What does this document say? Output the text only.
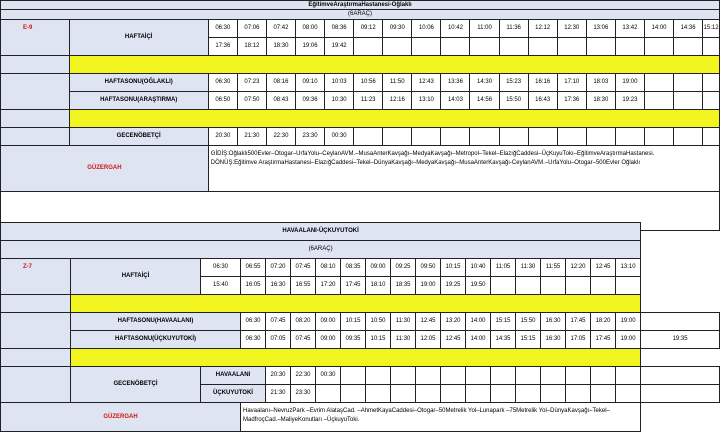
EğitimveAraştırmaHastanesi-Oğlaklı																			
(6ARAÇ)																			
E-9	HAFTAİÇİ	06:30	07:06	07:42	08:00	08:36	09:12	09:30	10:06	10:42	11:00	11:36	12:12	12:30	13:06	13:42	14:00	14:36	15:12
		17:36	18:12	18:30	19:06	19:42													

	HAFTASONU(OĞLAKLI)	06:30	07:23	08:16	09:10	10:03	10:56	11:50	12:43	13:36	14:30	15:23	16:16	17:10	18:03	19:00			
	HAFTASONU(ARAŞTIRMA)	06:50	07:50	08:43	09:36	10:30	11:23	12:16	13:10	14:03	14:56	15:50	16:43	17:36	18:30	19:23			

	GECENÖBETÇİ	20:30	21:30	22:30	23:30	00:30													
GÜZERGAH		GİDİŞ:Oğlaklı500Evler–Otogar–UrfaYolu–CeylanAVM.–MusaAnterKavşağı–MedyaKavşağı–Metropol–Tekel–ElazığCaddesi–ÜçKuyuTokı–EğitimveAraştırmaHastanesi.
DÖNÜŞ:Eğitimve AraştırmaHastanesi–ElazığCaddesi–Tekel–DünyaKavşağı–MedyaKavşağı–MusaAnterKavşağı-CeylanAVM.–UrfaYolu–Otogar–500Evler Oğlaklı																	

HAVAALANI-ÜÇKUYUTOKİ																			
(6ARAÇ)																			
Z-7	HAFTAİÇİ	06:30	06:55	07:20	07:45	08:10	08:35	09:00	09:25	09:50	10:15	10:40	11:05	11:30	11:55	12:20	12:45	13:10	
		15:40	16:05	16:30	16:55	17:20	17:45	18:10	18:35	19:00	19:25	19:50							

	HAFTASONU(HAVAALANI)		06:30	07:45	08:20	09:00	10:15	10:50	11:30	12:45	13:20	14:00	15:15	15:50	16:30	17:45	18:20	19:00	
	HAFTASONU(ÜÇKUYUTOKİ)		06:30	07:05	07:45	09:00	09:35	10:15	11:30	12:05	12:45	14:00	14:35	15:15	16:30	17:05	17:45	19:00	19:35

	GECENÖBETÇİ	HAVAALANI		20:30	22:30	00:30													
		ÜÇKUYUTOKİ		21:30	23:30														
GÜZERGAH			Havaalanı–NevruzPark –Evrim AlataşCad. –AhmetKayaCaddesi–Otogar–50Metrelik Yol–Lunapark –75Metrelik Yol–DünyaKavşağı–Tekel–MadfroçCad.–MaliyeKonutları –ÜçkuyuToki.																
